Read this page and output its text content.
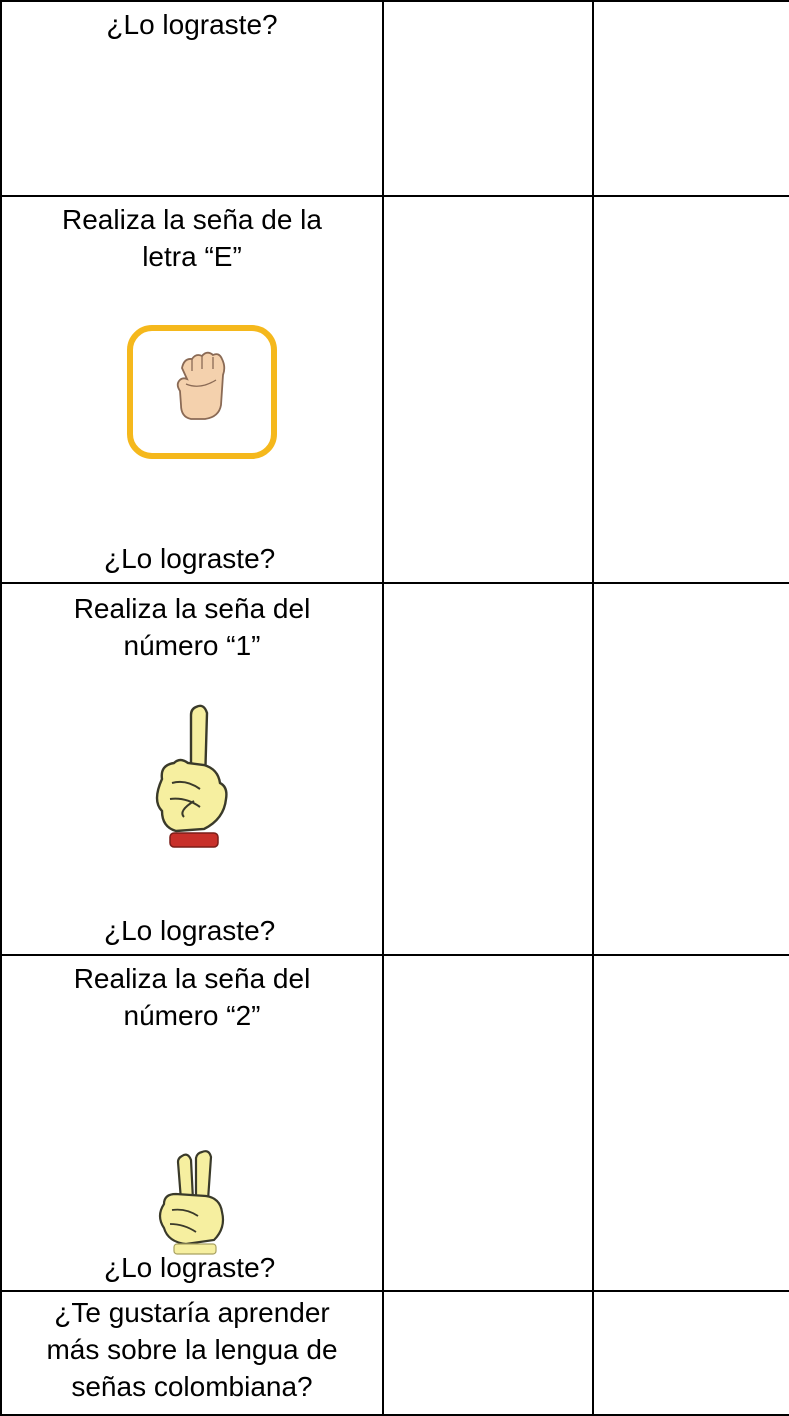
¿Lo lograste?		

Realiza la seña de la
letra “E”
¿Lo lograste?		

Realiza la seña del
número “1”
¿Lo lograste?		

Realiza la seña del
número “2”
¿Lo lograste?		

¿Te gustaría aprender
más sobre la lengua de
señas colombiana?		
